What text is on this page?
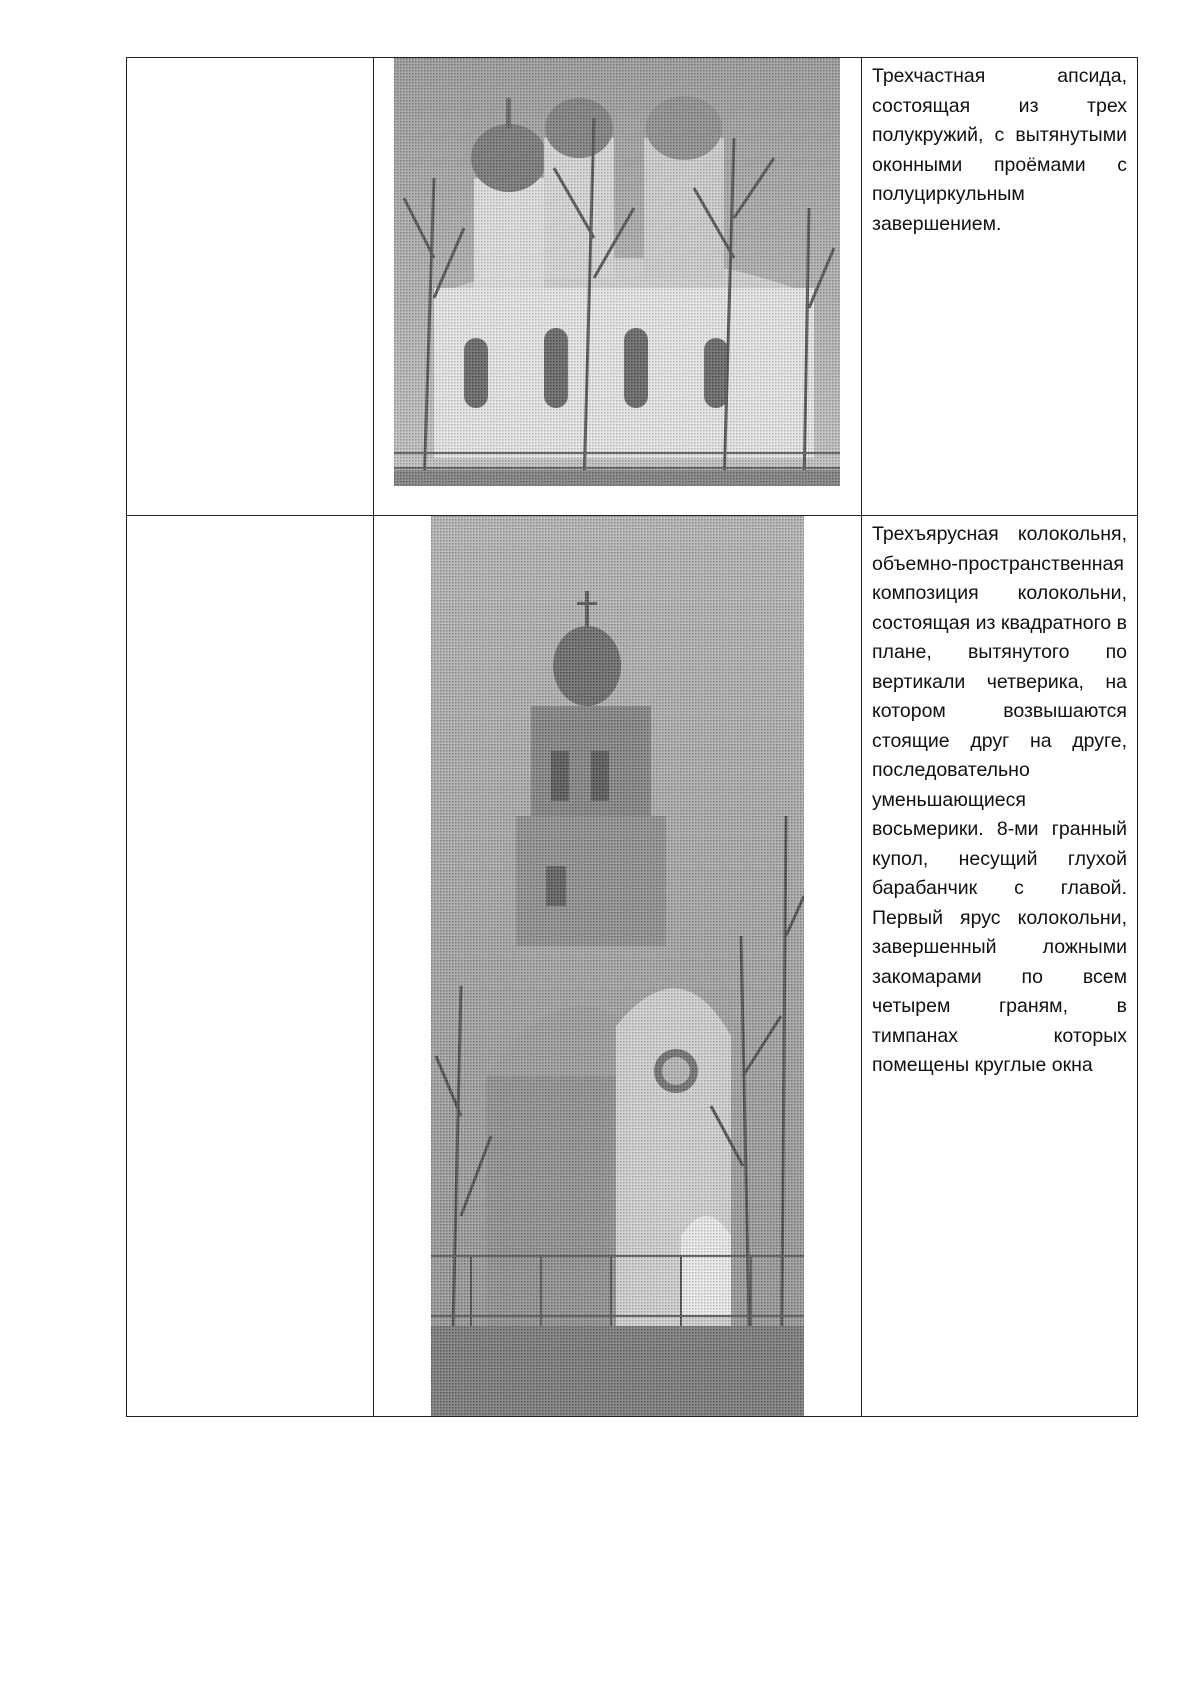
Трехчастная апсида, состоящая из трех полукружий, с вытянутыми оконными проёмами с полуциркульным завершением.

Трехъярусная колокольня, объемно-пространственная композиция колокольни, состоящая из квадратного в плане, вытянутого по вертикали четверика, на котором возвышаются стоящие друг на друге, последовательно уменьшающиеся восьмерики. 8-ми гранный купол, несущий глухой барабанчик с главой. Первый ярус колокольни, завершенный ложными закомарами по всем четырем граням, в тимпанах которых помещены круглые окна
